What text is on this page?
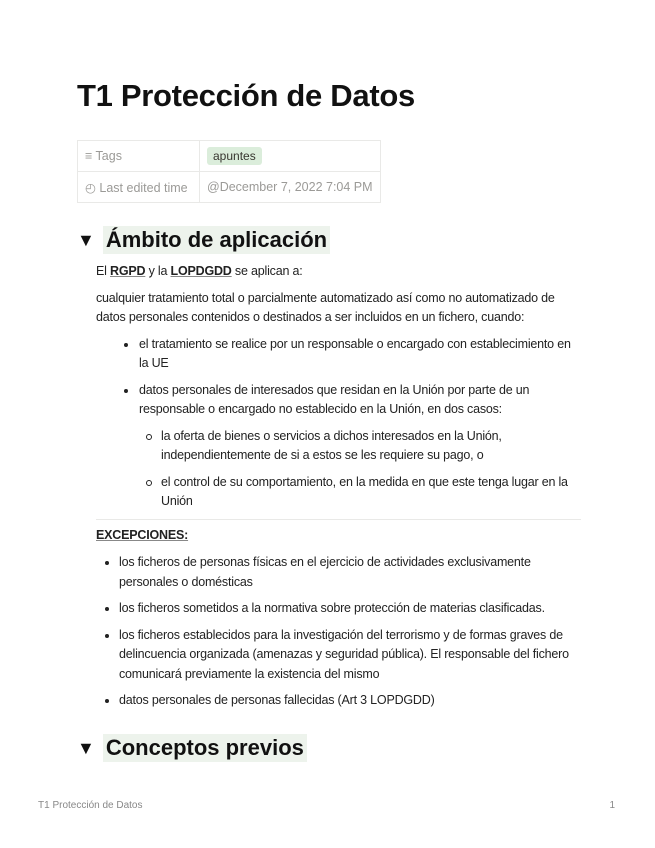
T1 Protección de Datos
≡ Tags	apuntes
◴ Last edited time	@December 7, 2022 7:04 PM
▼ Ámbito de aplicación

El RGPD y la LOPDGDD se aplican a:

cualquier tratamiento total o parcialmente automatizado así como no automatizado de datos personales contenidos o destinados a ser incluidos en un fichero, cuando:

el tratamiento se realice por un responsable o encargado con establecimiento en la UE
datos personales de interesados que residan en la Unión por parte de un responsable o encargado no establecido en la Unión, en dos casos:
la oferta de bienes o servicios a dichos interesados en la Unión, independientemente de si a estos se les requiere su pago, o
el control de su comportamiento, en la medida en que este tenga lugar en la Unión

EXCEPCIONES:

los ficheros de personas físicas en el ejercicio de actividades exclusivamente personales o domésticas
los ficheros sometidos a la normativa sobre protección de materias clasificadas.
los ficheros establecidos para la investigación del terrorismo y de formas graves de delincuencia organizada (amenazas y seguridad pública). El responsable del fichero comunicará previamente la existencia del mismo
datos personales de personas fallecidas (Art 3 LOPDGDD)
▼ Conceptos previos
T1 Protección de Datos	1
